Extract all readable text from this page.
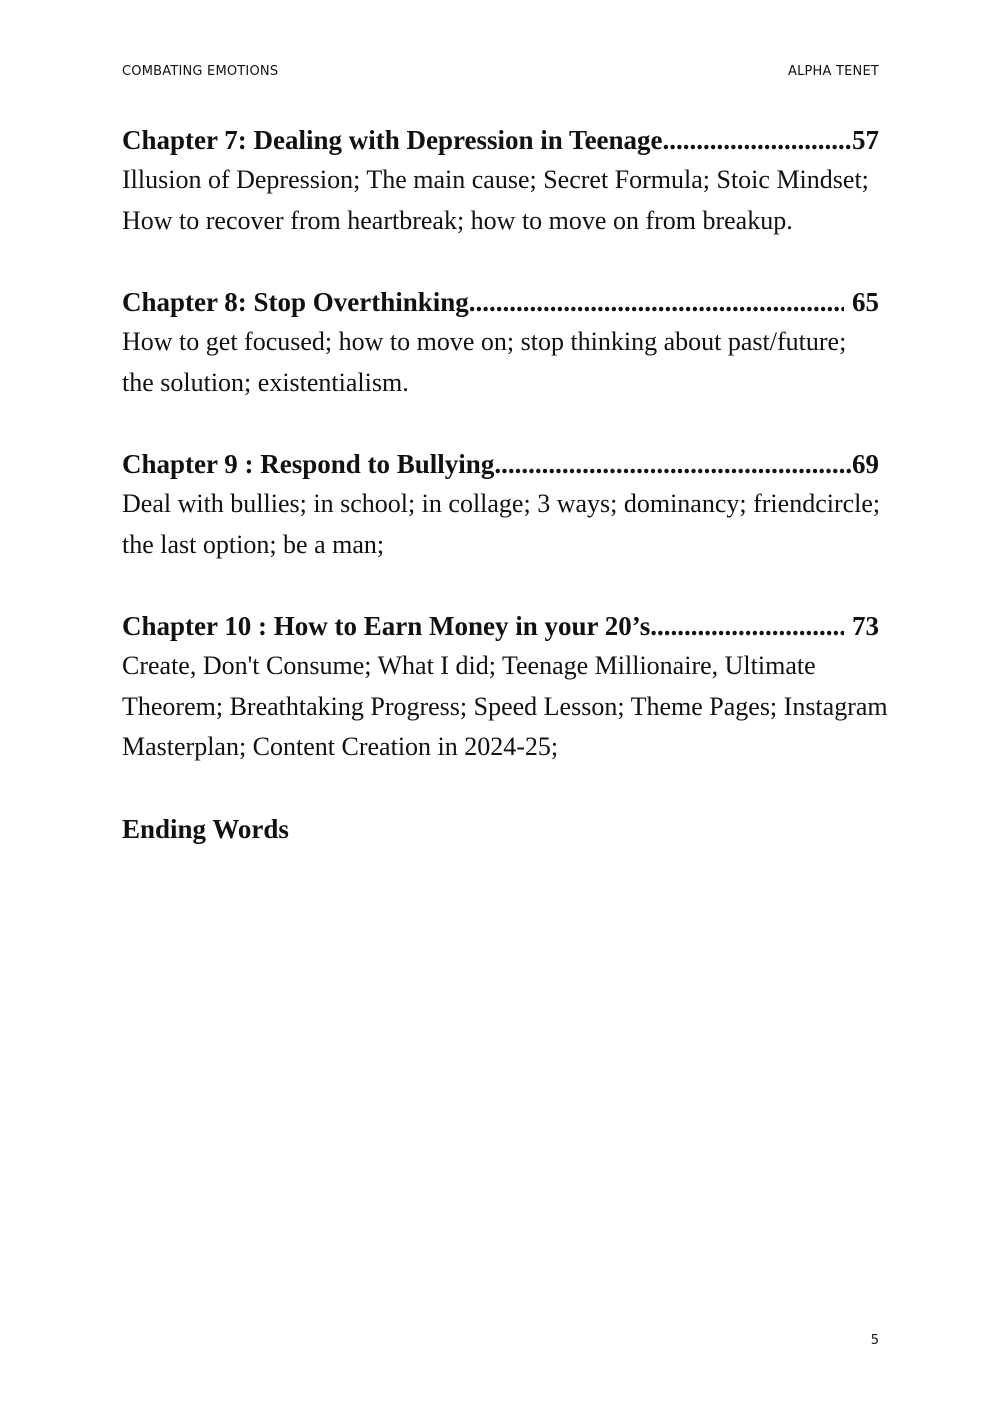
COMBATING EMOTIONS	ALPHA TENET
Chapter 7: Dealing with Depression in Teenage .....	57

Illusion of Depression; The main cause; Secret Formula; Stoic Mindset;
How to recover from heartbreak; how to move on from breakup.

Chapter 8: Stop Overthinking .....	65

How to get focused; how to move on; stop thinking about past/future;
the solution; existentialism.

Chapter 9 : Respond to Bullying .....	69

Deal with bullies; in school; in collage; 3 ways; dominancy; friendcircle;
the last option; be a man;

Chapter 10 : How to Earn Money in your 20’s .....	73

Create, Don't Consume; What I did; Teenage Millionaire, Ultimate
Theorem; Breathtaking Progress; Speed Lesson; Theme Pages; Instagram
Masterplan; Content Creation in 2024-25;

Ending Words
5
